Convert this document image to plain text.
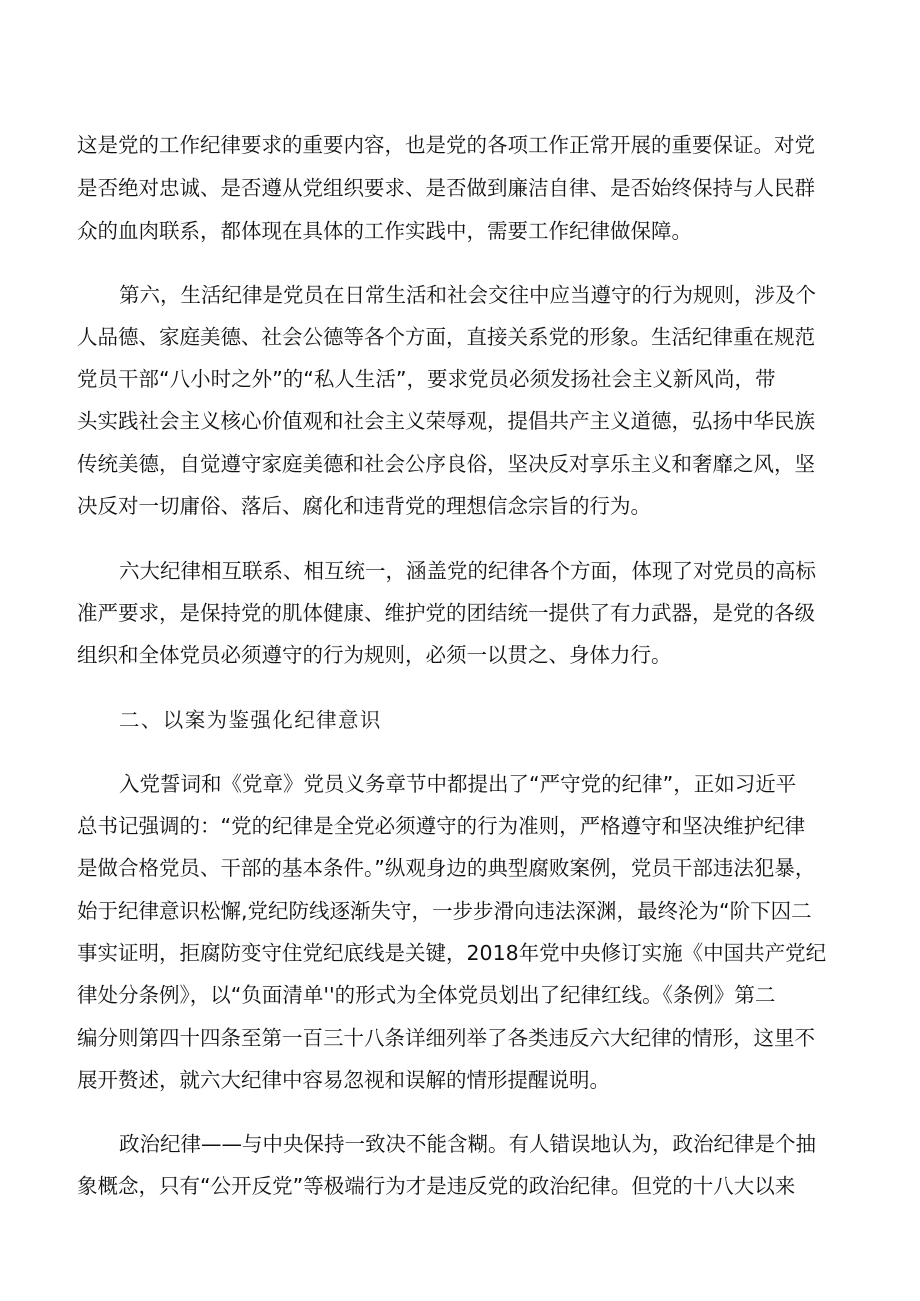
这是党的工作纪律要求的重要内容，也是党的各项工作正常开展的重要保证。对党
是否绝对忠诚、是否遵从党组织要求、是否做到廉洁自律、是否始终保持与人民群
众的血肉联系，都体现在具体的工作实践中，需要工作纪律做保障。
第六，生活纪律是党员在日常生活和社会交往中应当遵守的行为规则，涉及个
人品德、家庭美德、社会公德等各个方面，直接关系党的形象。生活纪律重在规范
党员干部“八小时之外”的“私人生活”，要求党员必须发扬社会主义新风尚，带
头实践社会主义核心价值观和社会主义荣辱观，提倡共产主义道德，弘扬中华民族
传统美德，自觉遵守家庭美德和社会公序良俗，坚决反对享乐主义和奢靡之风，坚
决反对一切庸俗、落后、腐化和违背党的理想信念宗旨的行为。
六大纪律相互联系、相互统一，涵盖党的纪律各个方面，体现了对党员的高标
准严要求，是保持党的肌体健康、维护党的团结统一提供了有力武器，是党的各级
组织和全体党员必须遵守的行为规则，必须一以贯之、身体力行。
二、以案为鉴强化纪律意识
入党誓词和《党章》党员义务章节中都提出了“严守党的纪律”，正如习近平
总书记强调的：“党的纪律是全党必须遵守的行为准则，严格遵守和坚决维护纪律
是做合格党员、干部的基本条件。”纵观身边的典型腐败案例，党员干部违法犯暴，
始于纪律意识松懈,党纪防线逐渐失守，一步步滑向违法深渊，最终沦为“阶下囚二
事实证明，拒腐防变守住党纪底线是关键，2018年党中央修订实施《中国共产党纪
律处分条例》，以“负面清单''的形式为全体党员划出了纪律红线。《条例》第二
编分则第四十四条至第一百三十八条详细列举了各类违反六大纪律的情形，这里不
展开赘述，就六大纪律中容易忽视和误解的情形提醒说明。
政治纪律——与中央保持一致决不能含糊。有人错误地认为，政治纪律是个抽
象概念，只有“公开反党”等极端行为才是违反党的政治纪律。但党的十八大以来
